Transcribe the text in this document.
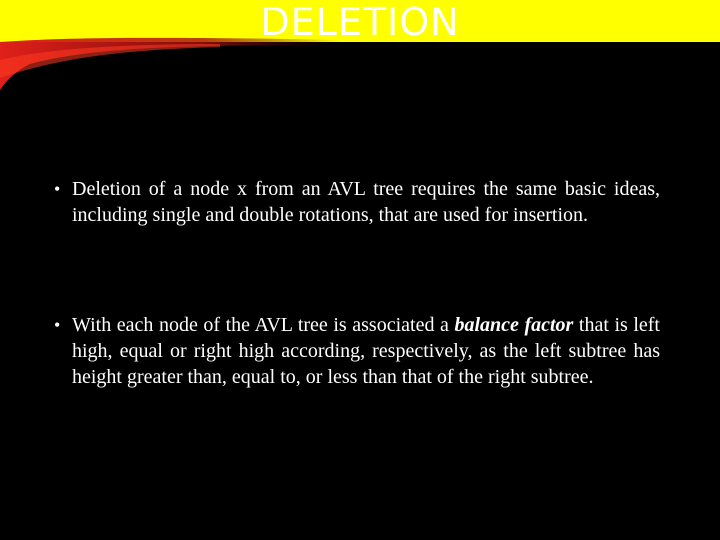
DELETION
• Deletion of a node x from an AVL tree requires the same basic ideas, including single and double rotations, that are used for insertion.
• With each node of the AVL tree is associated a balance factor that is left high, equal or right high according, respectively, as the left subtree has height greater than, equal to, or less than that of the right subtree.
